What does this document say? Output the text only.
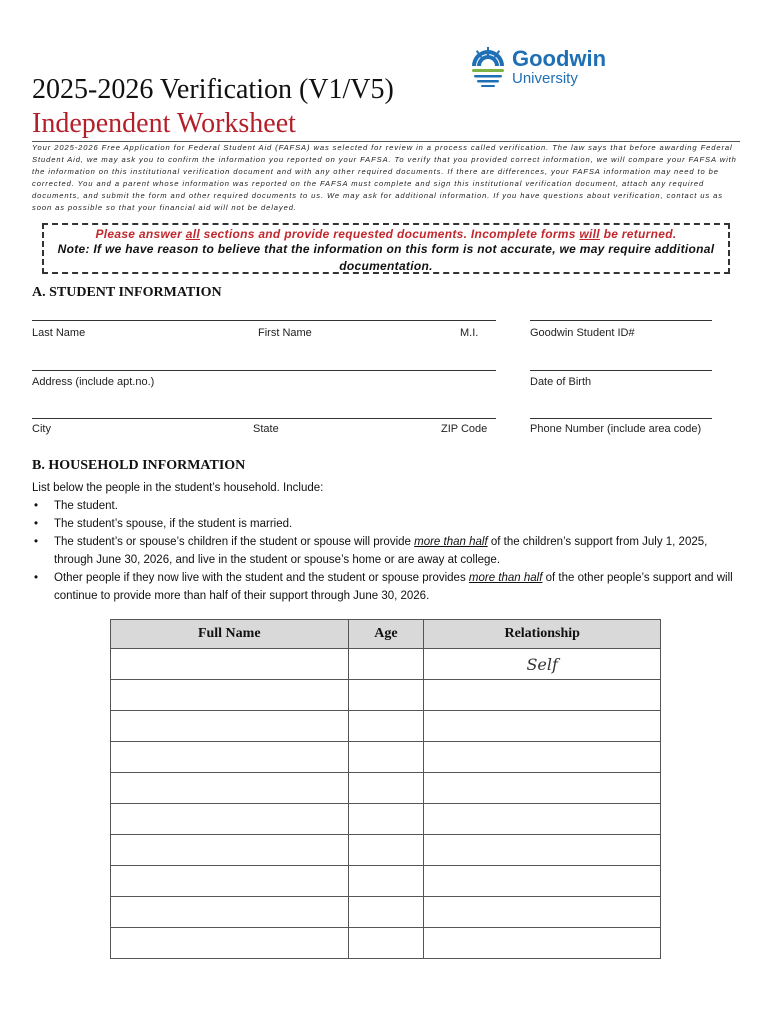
2025-2026 Verification (V1/V5)
Independent Worksheet
Goodwin
University
Your 2025-2026 Free Application for Federal Student Aid (FAFSA) was selected for review in a process called verification. The law says that before awarding Federal Student Aid, we may ask you to confirm the information you reported on your FAFSA. To verify that you provided correct information, we will compare your FAFSA with the information on this institutional verification document and with any other required documents. If there are differences, your FAFSA information may need to be corrected. You and a parent whose information was reported on the FAFSA must complete and sign this institutional verification document, attach any required documents, and submit the form and other required documents to us. We may ask for additional information. If you have questions about verification, contact us as soon as possible so that your financial aid will not be delayed.
Please answer all sections and provide requested documents. Incomplete forms will be returned.
Note: If we have reason to believe that the information on this form is not accurate, we may require additional documentation.
A. STUDENT INFORMATION
Last Name	First Name	M.I.	Goodwin Student ID#
Address (include apt.no.)	Date of Birth
City	State	ZIP Code	Phone Number (include area code)
B. HOUSEHOLD INFORMATION
List below the people in the student’s household. Include:
• The student.
• The student’s spouse, if the student is married.
• The student’s or spouse’s children if the student or spouse will provide more than half of the children’s support from July 1, 2025, through June 30, 2026, and live in the student or spouse’s home or are away at college.
• Other people if they now live with the student and the student or spouse provides more than half of the other people’s support and will continue to provide more than half of their support through June 30, 2026.
Full Name	Age	Relationship
		Self
